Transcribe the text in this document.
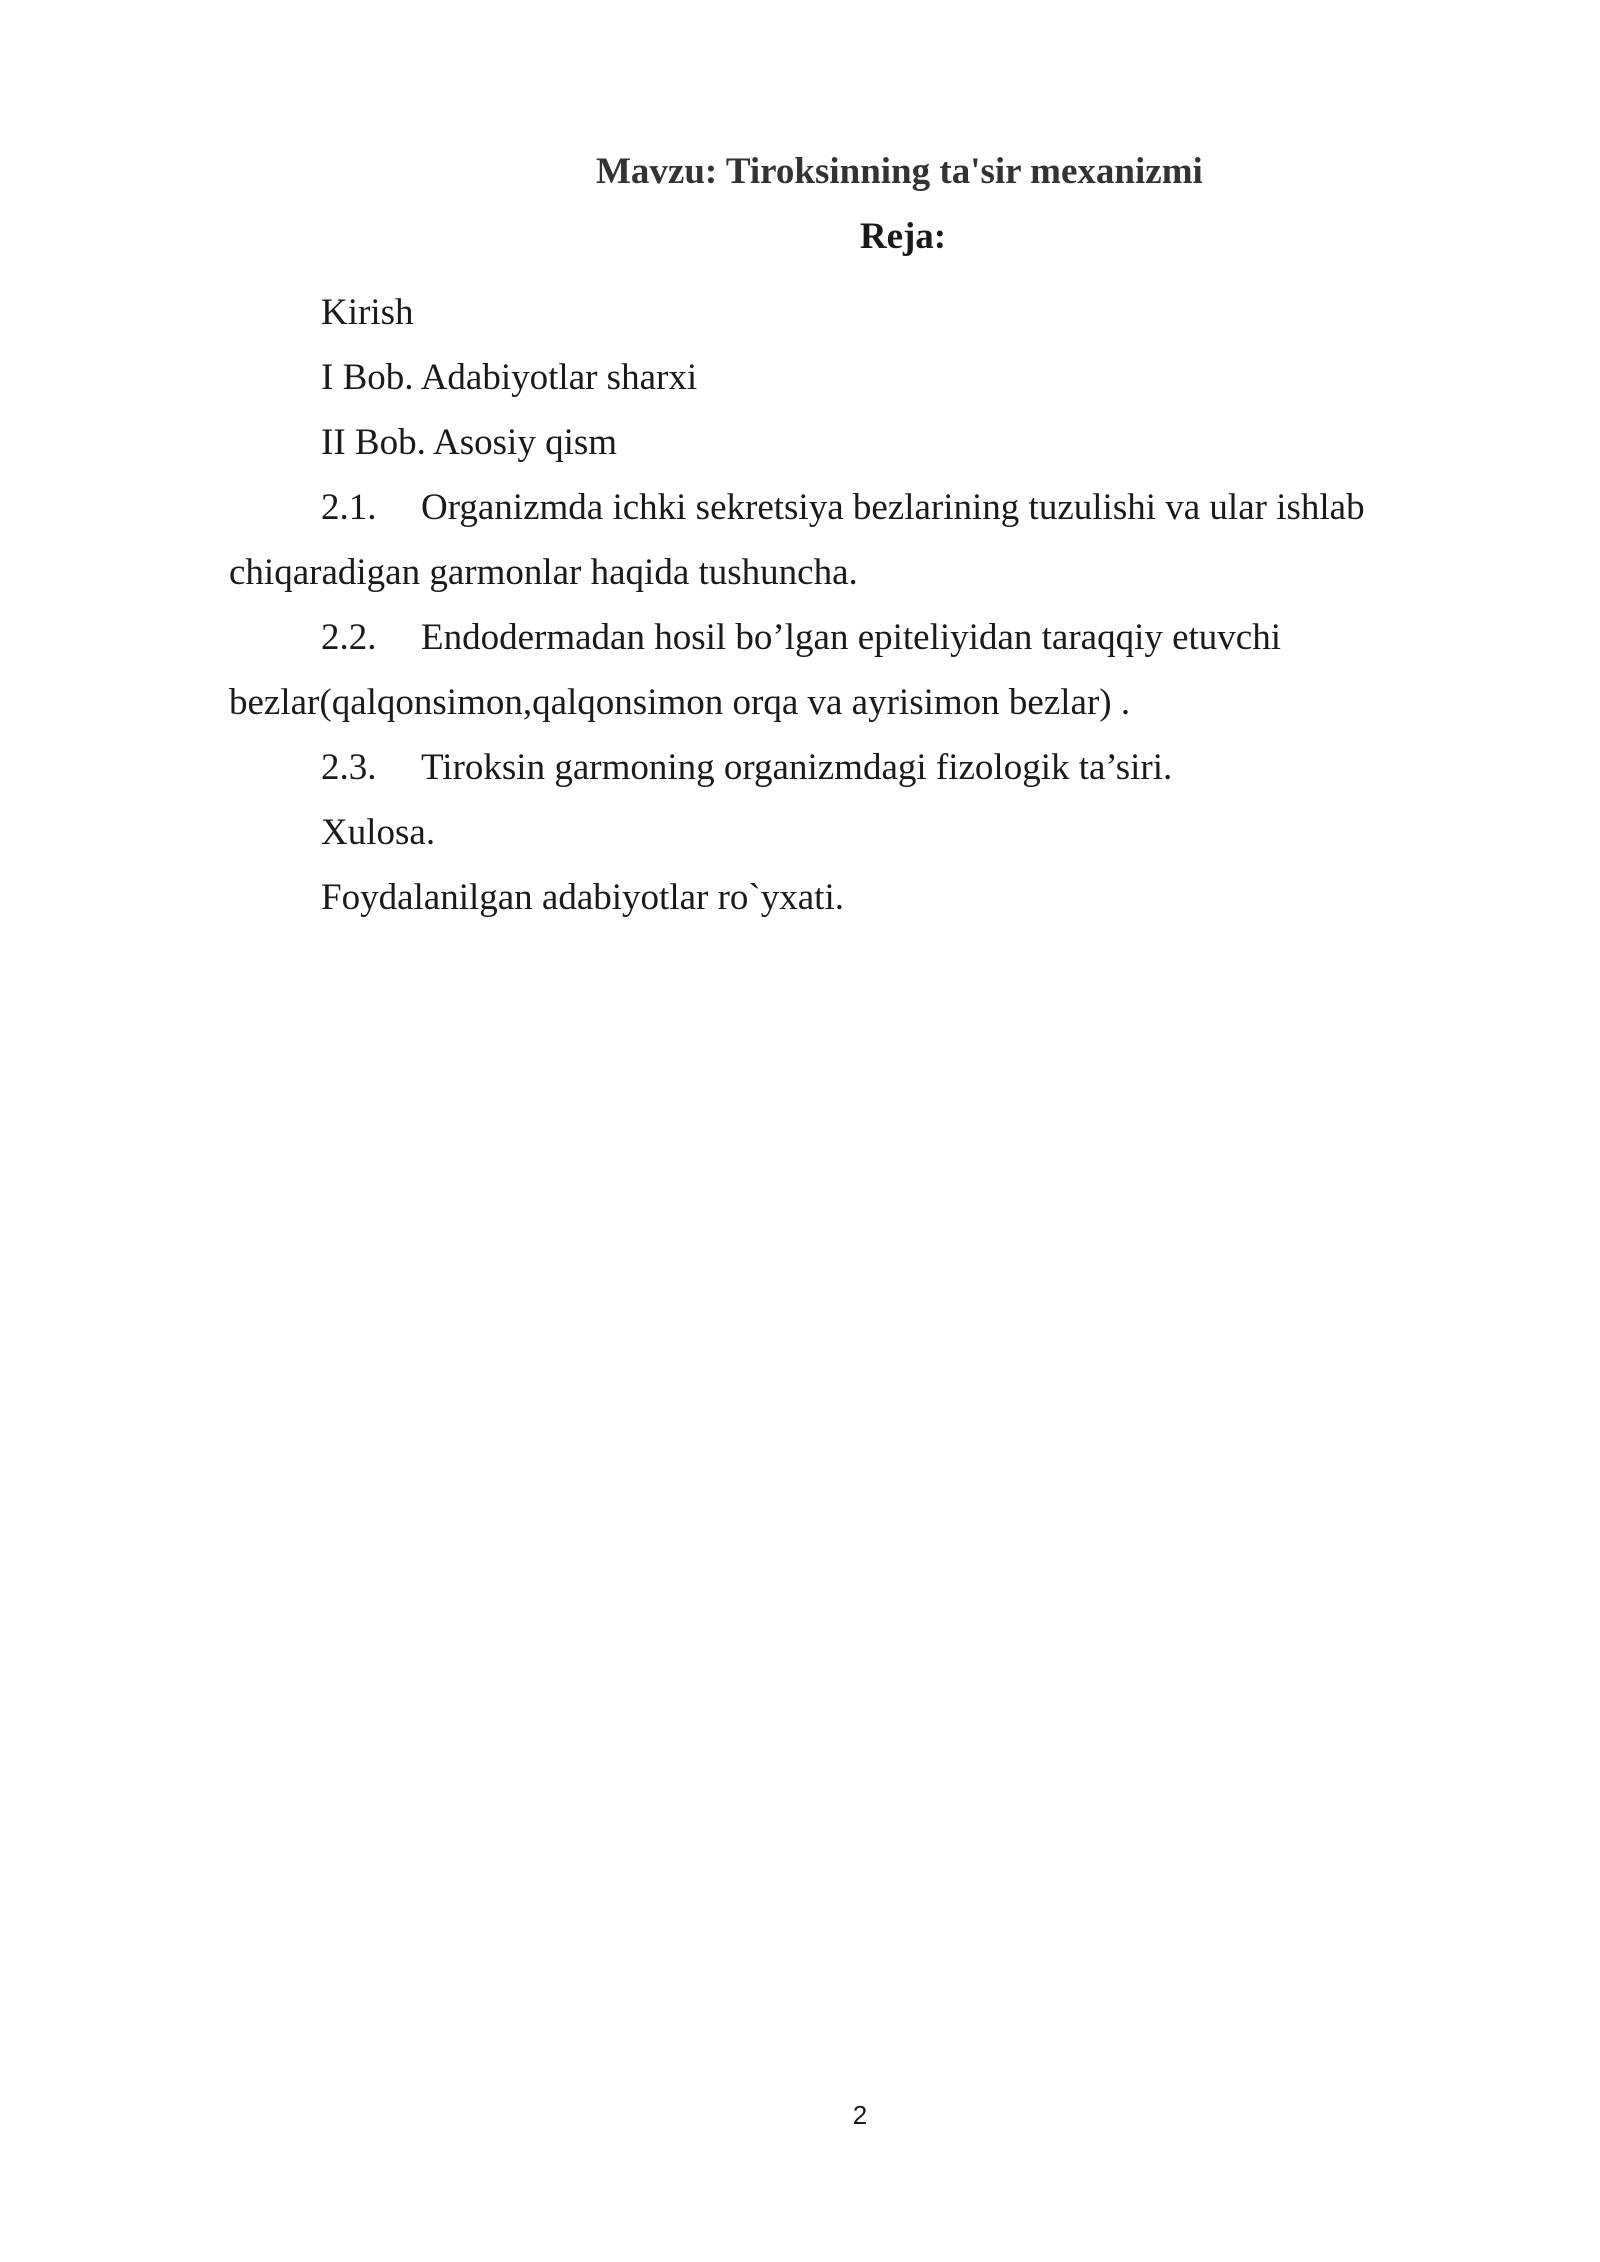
Mavzu: Tiroksinning ta'sir mexanizmi
Reja:
Kirish
I Bob. Adabiyotlar sharxi
II Bob. Asosiy qism
2.1. Organizmda ichki sekretsiya bezlarining tuzulishi va ular ishlab
chiqaradigan garmonlar haqida tushuncha.
2.2. Endodermadan hosil bo’lgan epiteliyidan taraqqiy etuvchi
bezlar(qalqonsimon,qalqonsimon orqa va ayrisimon bezlar) .
2.3. Tiroksin garmoning organizmdagi fizologik ta’siri.
Xulosa.
Foydalanilgan adabiyotlar ro`yxati.
2
